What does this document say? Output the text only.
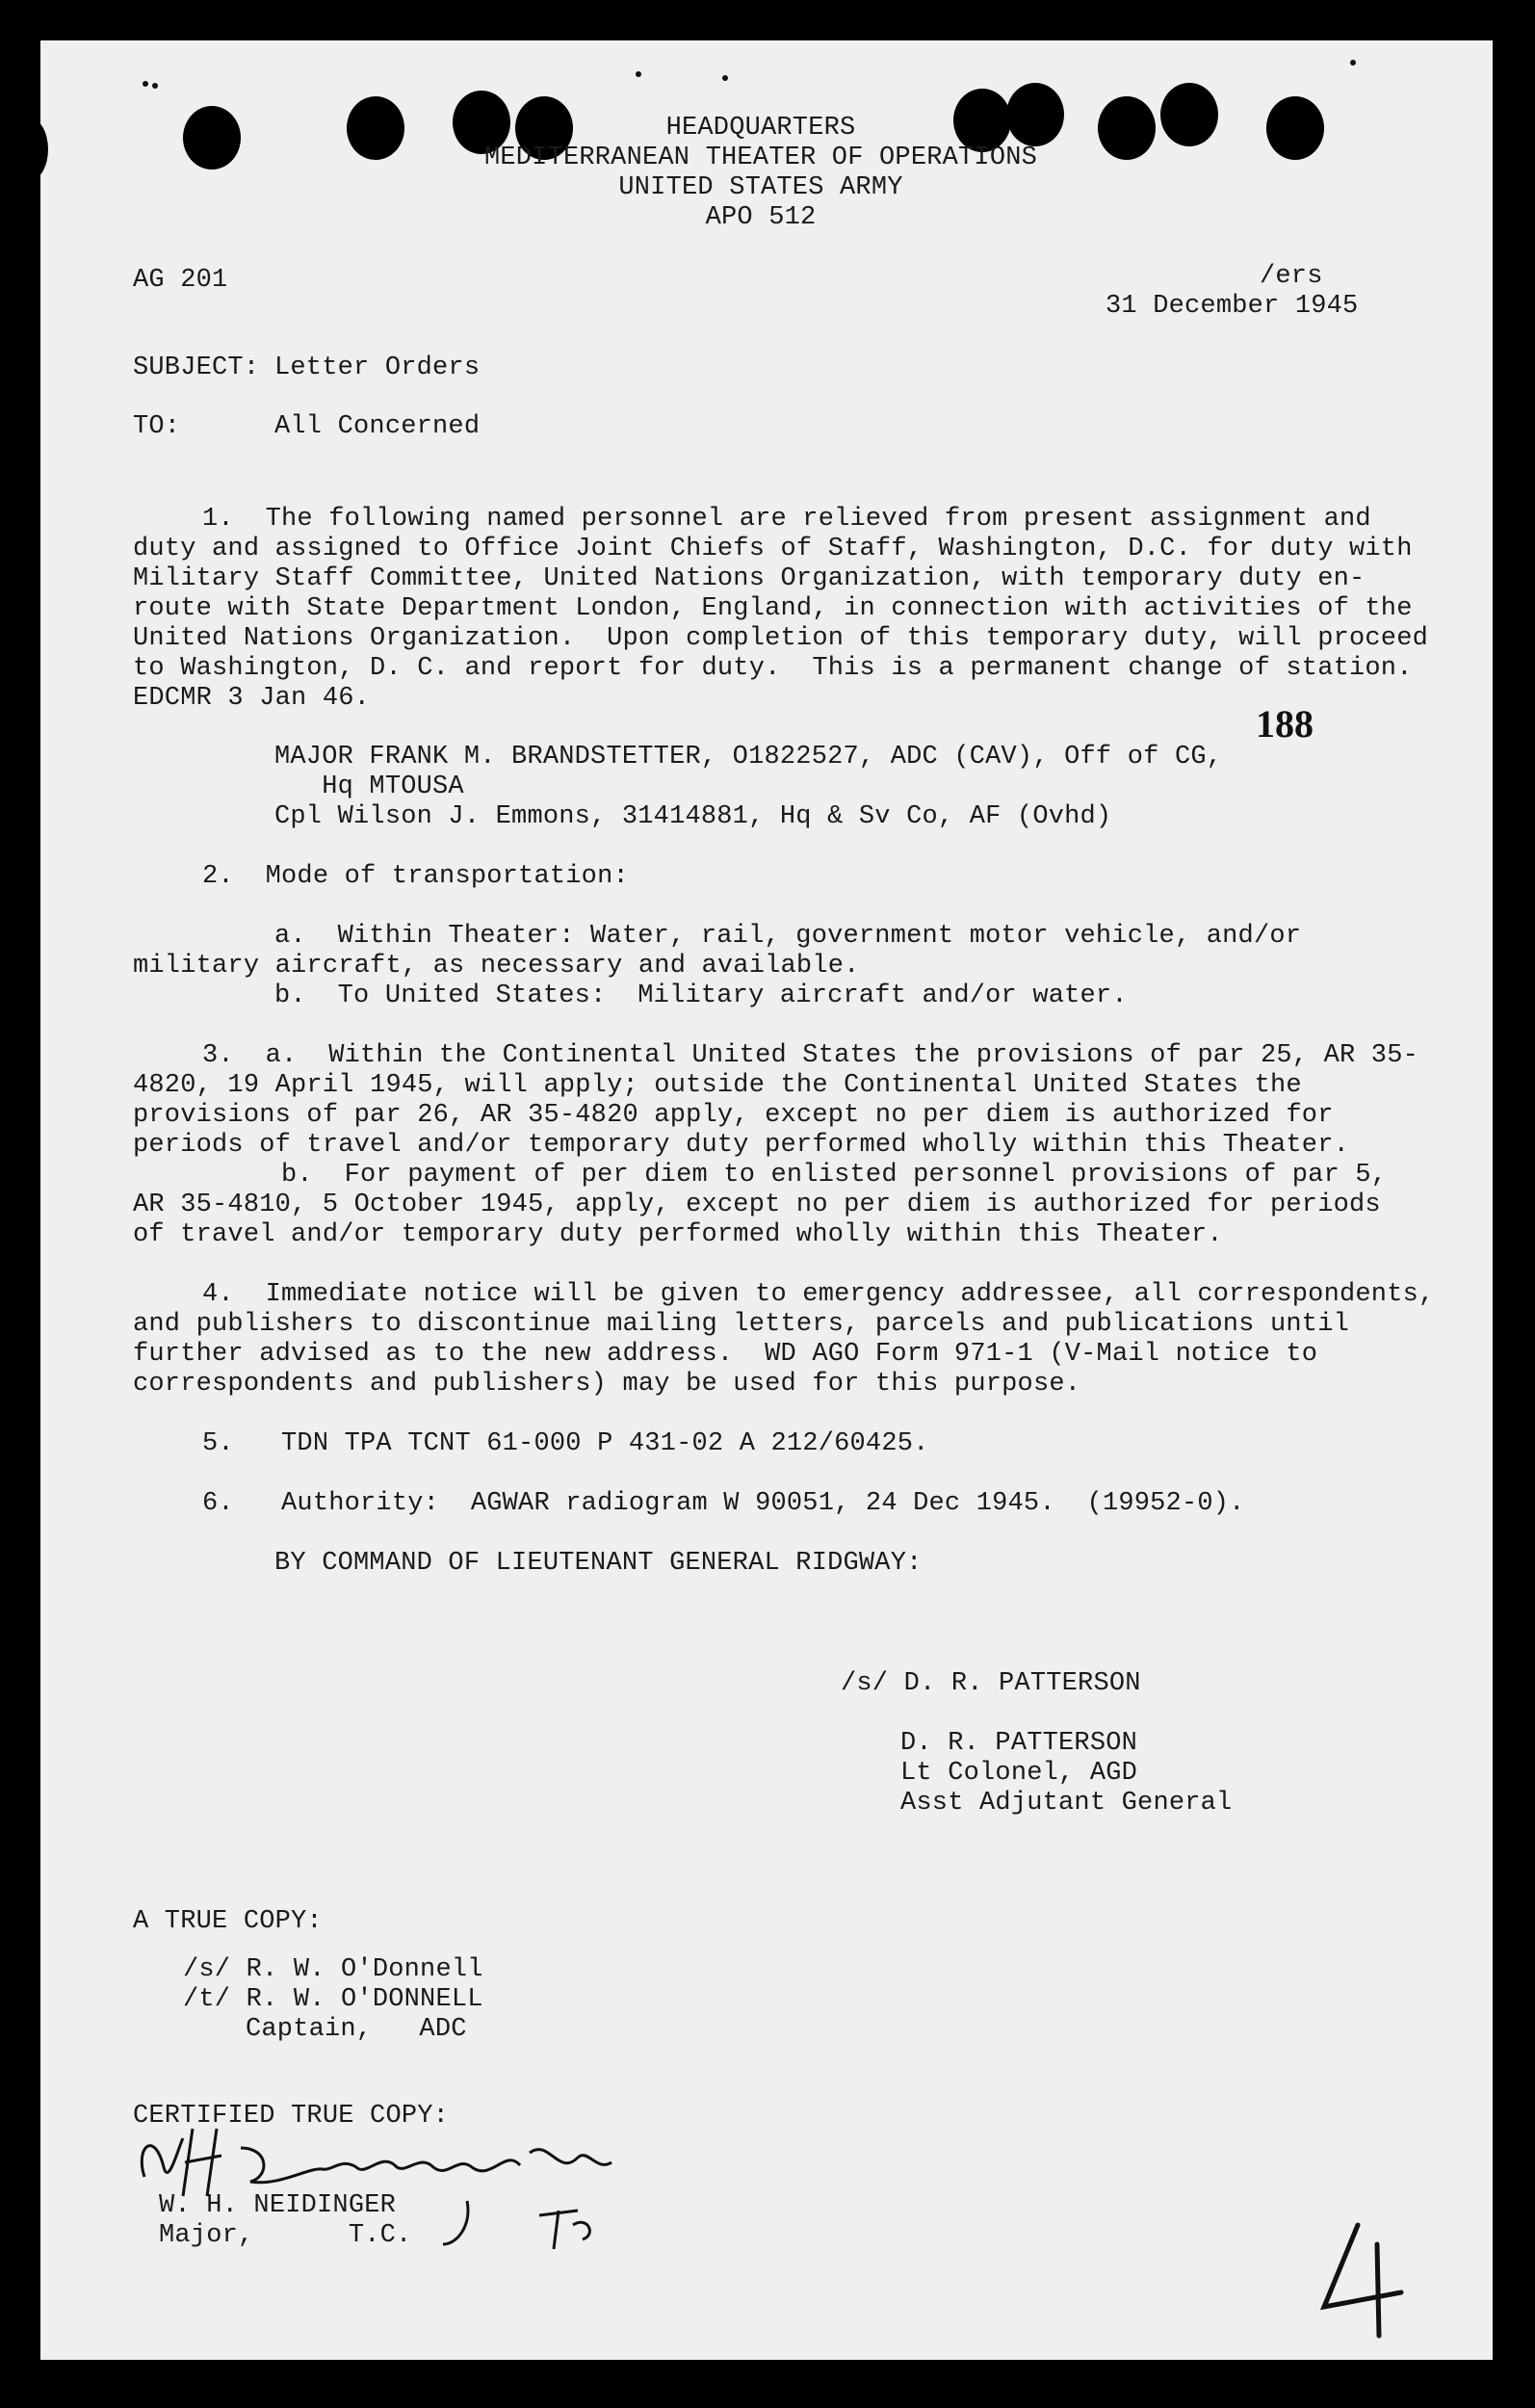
HEADQUARTERS
MEDITERRANEAN THEATER OF OPERATIONS
UNITED STATES ARMY
APO 512
AG 201	/ers
31 December 1945
SUBJECT: Letter Orders
TO:	All Concerned
1.  The following named personnel are relieved from present assignment and
duty and assigned to Office Joint Chiefs of Staff, Washington, D.C. for duty with
Military Staff Committee, United Nations Organization, with temporary duty en-
route with State Department London, England, in connection with activities of the
United Nations Organization.  Upon completion of this temporary duty, will proceed
to Washington, D. C. and report for duty.  This is a permanent change of station.
EDCMR 3 Jan 46.
188
MAJOR FRANK M. BRANDSTETTER, O1822527, ADC (CAV), Off of CG,
Hq MTOUSA
Cpl Wilson J. Emmons, 31414881, Hq & Sv Co, AF (Ovhd)
2.  Mode of transportation:
a.  Within Theater: Water, rail, government motor vehicle, and/or
military aircraft, as necessary and available.
b.  To United States:  Military aircraft and/or water.
3.  a.  Within the Continental United States the provisions of par 25, AR 35-
4820, 19 April 1945, will apply; outside the Continental United States the
provisions of par 26, AR 35-4820 apply, except no per diem is authorized for
periods of travel and/or temporary duty performed wholly within this Theater.
b.  For payment of per diem to enlisted personnel provisions of par 5,
AR 35-4810, 5 October 1945, apply, except no per diem is authorized for periods
of travel and/or temporary duty performed wholly within this Theater.
4.  Immediate notice will be given to emergency addressee, all correspondents,
and publishers to discontinue mailing letters, parcels and publications until
further advised as to the new address.  WD AGO Form 971-1 (V-Mail notice to
correspondents and publishers) may be used for this purpose.
5.   TDN TPA TCNT 61-000 P 431-02 A 212/60425.
6.   Authority:  AGWAR radiogram W 90051, 24 Dec 1945.  (19952-0).
BY COMMAND OF LIEUTENANT GENERAL RIDGWAY:
/s/ D. R. PATTERSON
D. R. PATTERSON
Lt Colonel, AGD
Asst Adjutant General
A TRUE COPY:
/s/ R. W. O'Donnell
/t/ R. W. O'DONNELL
Captain,   ADC
CERTIFIED TRUE COPY:
W. H. NEIDINGER
Major,      T.C.
